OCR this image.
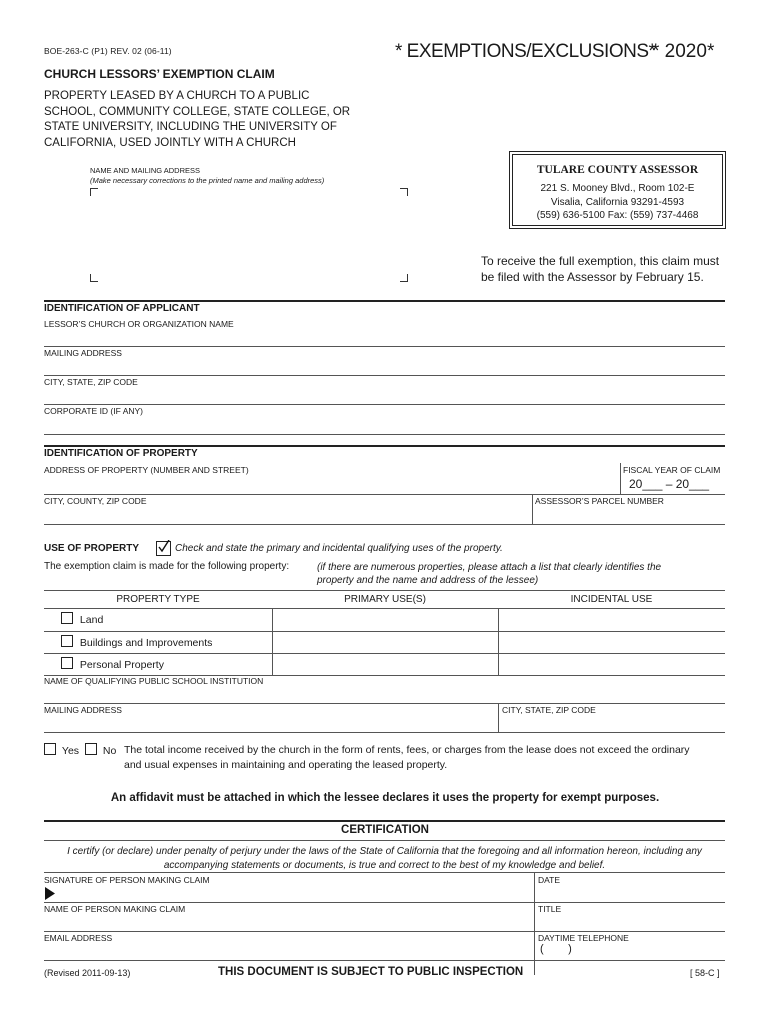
BOE-263-C (P1) REV. 02 (06-11)	* EXEMPTIONS/EXCLUSIONS*
* 2020*
CHURCH LESSORS’ EXEMPTION CLAIM
PROPERTY LEASED BY A CHURCH TO A PUBLIC
SCHOOL, COMMUNITY COLLEGE, STATE COLLEGE, OR
STATE UNIVERSITY, INCLUDING THE UNIVERSITY OF
CALIFORNIA, USED JOINTLY WITH A CHURCH
NAME AND MAILING ADDRESS
(Make necessary corrections to the printed name and mailing address)
TULARE COUNTY ASSESSOR
221 S. Mooney Blvd., Room 102-E
Visalia, California 93291-4593
(559) 636-5100 Fax: (559) 737-4468
To receive the full exemption, this claim must
be filed with the Assessor by February 15.
IDENTIFICATION OF APPLICANT
LESSOR’S CHURCH OR ORGANIZATION NAME
MAILING ADDRESS
CITY, STATE, ZIP CODE
CORPORATE ID (IF ANY)
IDENTIFICATION OF PROPERTY
ADDRESS OF PROPERTY (NUMBER AND STREET)	FISCAL YEAR OF CLAIM
20___ – 20___
CITY, COUNTY, ZIP CODE	ASSESSOR’S PARCEL NUMBER
USE OF PROPERTY	Check and state the primary and incidental qualifying uses of the property.
The exemption claim is made for the following property:	(if there are numerous properties, please attach a list that clearly identifies the
property and the name and address of the lessee)
PROPERTY TYPE	PRIMARY USE(S)	INCIDENTAL USE
Land
Buildings and Improvements
Personal Property
NAME OF QUALIFYING PUBLIC SCHOOL INSTITUTION
MAILING ADDRESS	CITY, STATE, ZIP CODE
Yes	No The total income received by the church in the form of rents, fees, or charges from the lease does not exceed the ordinary
and usual expenses in maintaining and operating the leased property.
An affidavit must be attached in which the lessee declares it uses the property for exempt purposes.
CERTIFICATION
I certify (or declare) under penalty of perjury under the laws of the State of California that the foregoing and all information hereon, including any
accompanying statements or documents, is true and correct to the best of my knowledge and belief.
SIGNATURE OF PERSON MAKING CLAIM	DATE
NAME OF PERSON MAKING CLAIM	TITLE
EMAIL ADDRESS	DAYTIME TELEPHONE
(        )
(Revised 2011-09-13)	THIS DOCUMENT IS SUBJECT TO PUBLIC INSPECTION	[ 58-C ]
